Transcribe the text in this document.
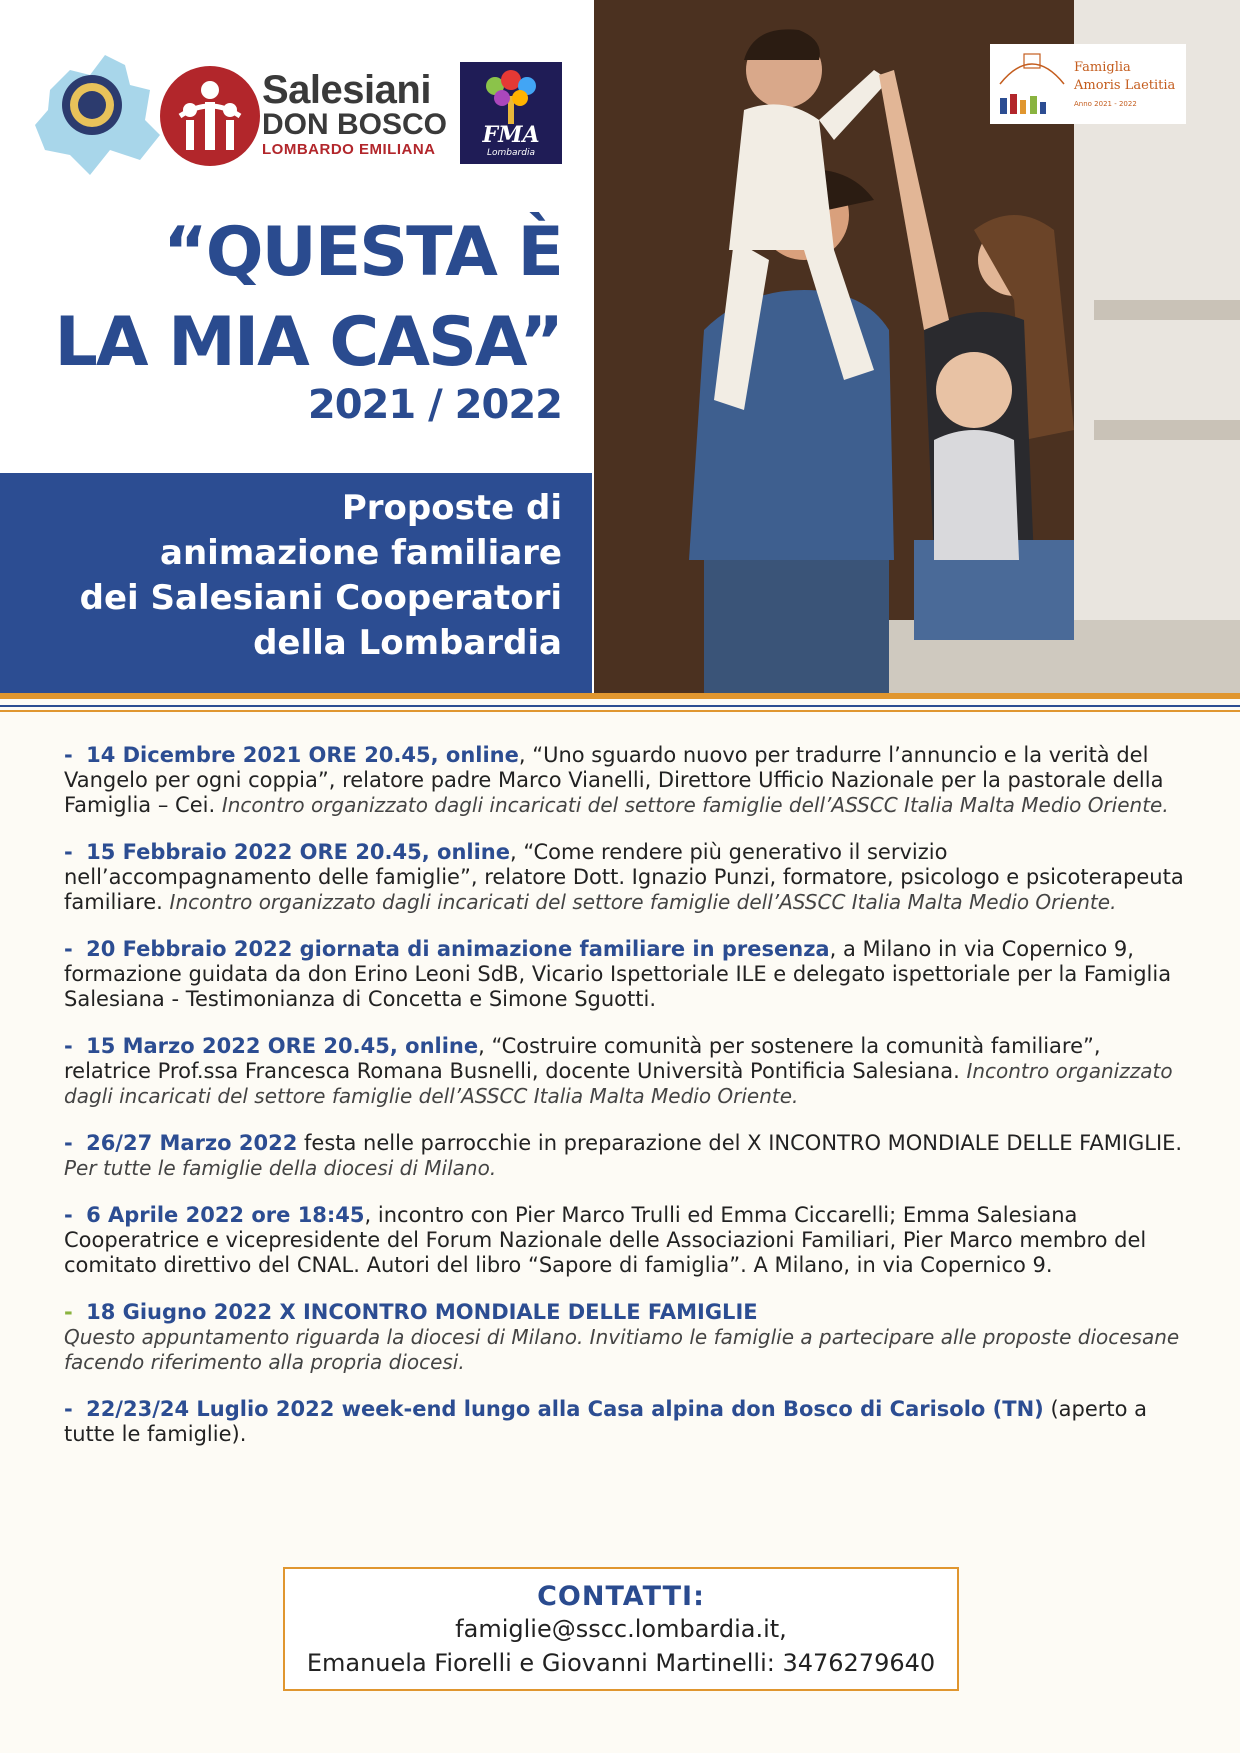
Salesiani
DON BOSCO
LOMBARDO EMILIANA
FMA
Lombardia
“QUESTA È
LA MIA CASA”
2021 / 2022
Proposte di
animazione familiare
dei Salesiani Cooperatori
della Lombardia
Famiglia
Amoris Laetitia
Anno 2021 - 2022
- 14 Dicembre 2021 ORE 20.45, online, “Uno sguardo nuovo per tradurre l’annuncio e la verità del Vangelo per ogni coppia”, relatore padre Marco Vianelli, Direttore Ufficio Nazionale per la pastorale della Famiglia – Cei. Incontro organizzato dagli incaricati del settore famiglie dell’ASSCC Italia Malta Medio Oriente.
- 15 Febbraio 2022 ORE 20.45, online, “Come rendere più generativo il servizio nell’accompagnamento delle famiglie”, relatore Dott. Ignazio Punzi, formatore, psicologo e psicoterapeuta familiare. Incontro organizzato dagli incaricati del settore famiglie dell’ASSCC Italia Malta Medio Oriente.
- 20 Febbraio 2022 giornata di animazione familiare in presenza, a Milano in via Copernico 9, formazione guidata da don Erino Leoni SdB, Vicario Ispettoriale ILE e delegato ispettoriale per la Famiglia Salesiana - Testimonianza di Concetta e Simone Sguotti.
- 15 Marzo 2022 ORE 20.45, online, “Costruire comunità per sostenere la comunità familiare”, relatrice Prof.ssa Francesca Romana Busnelli, docente Università Pontificia Salesiana. Incontro organizzato dagli incaricati del settore famiglie dell’ASSCC Italia Malta Medio Oriente.
- 26/27 Marzo 2022 festa nelle parrocchie in preparazione del X INCONTRO MONDIALE DELLE FAMIGLIE. Per tutte le famiglie della diocesi di Milano.
- 6 Aprile 2022 ore 18:45, incontro con Pier Marco Trulli ed Emma Ciccarelli; Emma Salesiana Cooperatrice e vicepresidente del Forum Nazionale delle Associazioni Familiari, Pier Marco membro del comitato direttivo del CNAL. Autori del libro “Sapore di famiglia”. A Milano, in via Copernico 9.
- 18 Giugno 2022 X INCONTRO MONDIALE DELLE FAMIGLIE
Questo appuntamento riguarda la diocesi di Milano. Invitiamo le famiglie a partecipare alle proposte diocesane facendo riferimento alla propria diocesi.
- 22/23/24 Luglio 2022 week-end lungo alla Casa alpina don Bosco di Carisolo (TN) (aperto a tutte le famiglie).
CONTATTI:
famiglie@sscc.lombardia.it,
Emanuela Fiorelli e Giovanni Martinelli: 3476279640
